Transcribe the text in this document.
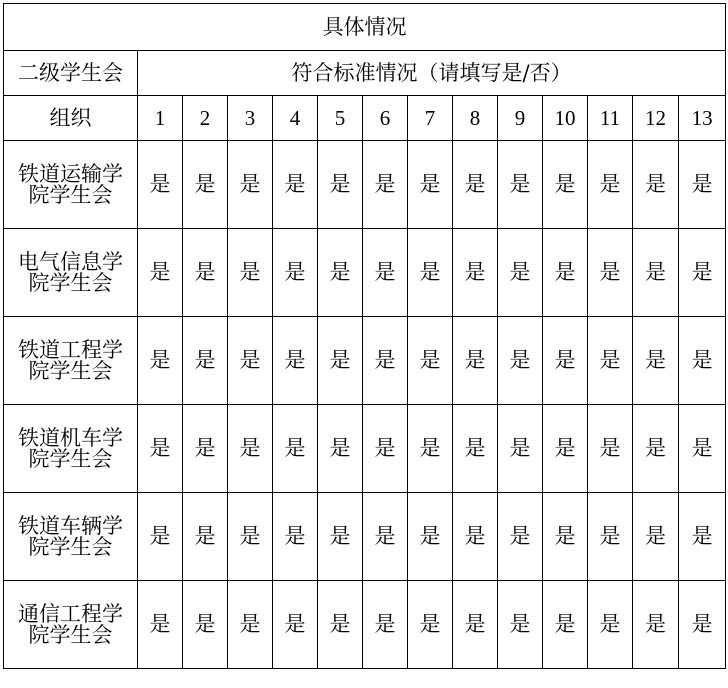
具体情况													
二级学生会	符合标准情况（请填写是/否）												
组织	1	2	3	4	5	6	7	8	9	10	11	12	13

铁道运输学
院学生会	是	是	是	是	是	是	是	是	是	是	是	是	是

电气信息学
院学生会	是	是	是	是	是	是	是	是	是	是	是	是	是

铁道工程学
院学生会	是	是	是	是	是	是	是	是	是	是	是	是	是

铁道机车学
院学生会	是	是	是	是	是	是	是	是	是	是	是	是	是

铁道车辆学
院学生会	是	是	是	是	是	是	是	是	是	是	是	是	是

通信工程学
院学生会	是	是	是	是	是	是	是	是	是	是	是	是	是
